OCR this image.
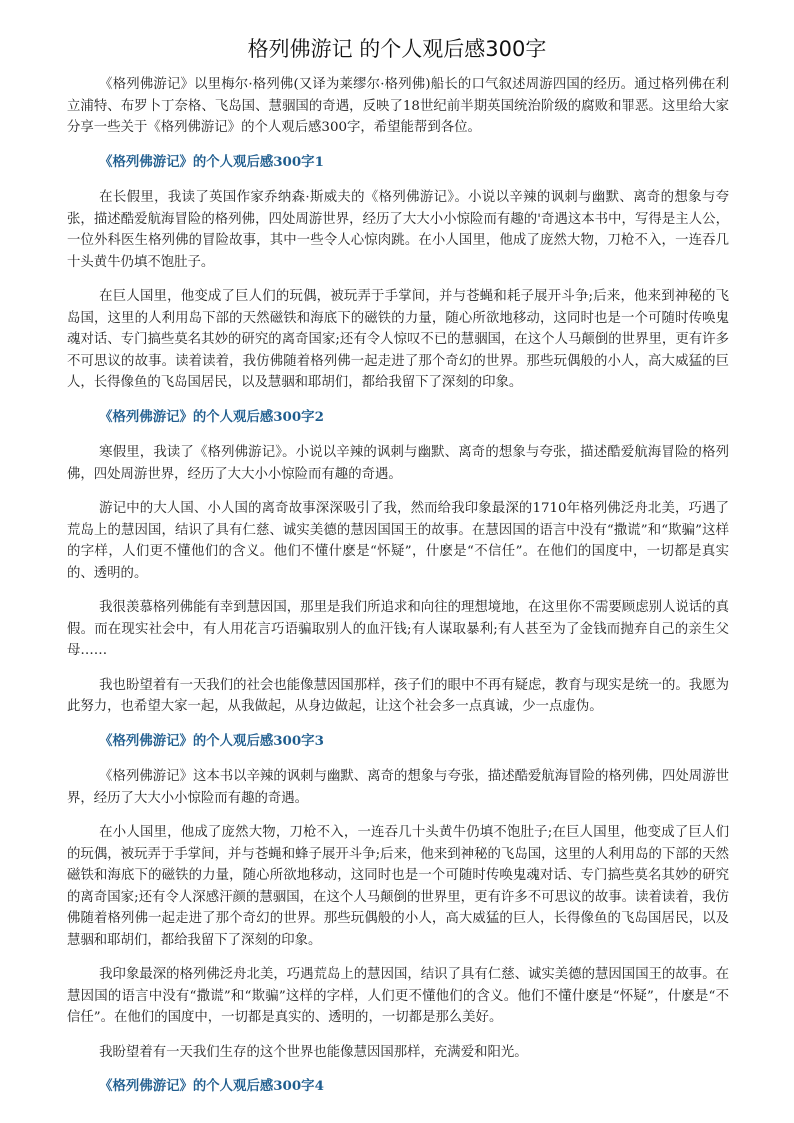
格列佛游记 的个人观后感300字

《格列佛游记》以里梅尔·格列佛(又译为莱缪尔·格列佛)船长的口气叙述周游四国的经历。通过格列佛在利立浦特、布罗卜丁奈格、飞岛国、慧骃国的奇遇，反映了18世纪前半期英国统治阶级的腐败和罪恶。这里给大家分享一些关于《格列佛游记》的个人观后感300字，希望能帮到各位。

《格列佛游记》的个人观后感300字1

在长假里，我读了英国作家乔纳森·斯威夫的《格列佛游记》。小说以辛辣的讽刺与幽默、离奇的想象与夸张，描述酷爱航海冒险的格列佛，四处周游世界，经历了大大小小惊险而有趣的'奇遇这本书中，写得是主人公，一位外科医生格列佛的冒险故事，其中一些令人心惊肉跳。在小人国里，他成了庞然大物，刀枪不入，一连吞几十头黄牛仍填不饱肚子。

在巨人国里，他变成了巨人们的玩偶，被玩弄于手掌间，并与苍蝇和耗子展开斗争;后来，他来到神秘的飞岛国，这里的人利用岛下部的天然磁铁和海底下的磁铁的力量，随心所欲地移动，这同时也是一个可随时传唤鬼魂对话、专门搞些莫名其妙的研究的离奇国家;还有令人惊叹不已的慧骃国，在这个人马颠倒的世界里，更有许多不可思议的故事。读着读着，我仿佛随着格列佛一起走进了那个奇幻的世界。那些玩偶般的小人，高大威猛的巨人，长得像鱼的飞岛国居民，以及慧骃和耶胡们，都给我留下了深刻的印象。

《格列佛游记》的个人观后感300字2

寒假里，我读了《格列佛游记》。小说以辛辣的讽刺与幽默、离奇的想象与夸张，描述酷爱航海冒险的格列佛，四处周游世界，经历了大大小小惊险而有趣的奇遇。

游记中的大人国、小人国的离奇故事深深吸引了我，然而给我印象最深的1710年格列佛泛舟北美，巧遇了荒岛上的慧因国，结识了具有仁慈、诚实美德的慧因国国王的故事。在慧因国的语言中没有“撒谎”和“欺骗”这样的字样，人们更不懂他们的含义。他们不懂什麽是“怀疑”，什麽是“不信任”。在他们的国度中，一切都是真实的、透明的。

我很羡慕格列佛能有幸到慧因国，那里是我们所追求和向往的理想境地，在这里你不需要顾虑别人说话的真假。而在现实社会中，有人用花言巧语骗取别人的血汗钱;有人谋取暴利;有人甚至为了金钱而抛弃自己的亲生父母……

我也盼望着有一天我们的社会也能像慧因国那样，孩子们的眼中不再有疑虑，教育与现实是统一的。我愿为此努力，也希望大家一起，从我做起，从身边做起，让这个社会多一点真诚，少一点虚伪。

《格列佛游记》的个人观后感300字3

《格列佛游记》这本书以辛辣的讽刺与幽默、离奇的想象与夸张，描述酷爱航海冒险的格列佛，四处周游世界，经历了大大小小惊险而有趣的奇遇。

在小人国里，他成了庞然大物，刀枪不入，一连吞几十头黄牛仍填不饱肚子;在巨人国里，他变成了巨人们的玩偶，被玩弄于手掌间，并与苍蝇和蜂子展开斗争;后来，他来到神秘的飞岛国，这里的人利用岛的下部的天然磁铁和海底下的磁铁的力量，随心所欲地移动，这同时也是一个可随时传唤鬼魂对话、专门搞些莫名其妙的研究的离奇国家;还有令人深感汗颜的慧骃国，在这个人马颠倒的世界里，更有许多不可思议的故事。读着读着，我仿佛随着格列佛一起走进了那个奇幻的世界。那些玩偶般的小人，高大威猛的巨人，长得像鱼的飞岛国居民，以及慧骃和耶胡们，都给我留下了深刻的印象。

我印象最深的格列佛泛舟北美，巧遇荒岛上的慧因国，结识了具有仁慈、诚实美德的慧因国国王的故事。在慧因国的语言中没有“撒谎”和“欺骗”这样的字样，人们更不懂他们的含义。他们不懂什麽是“怀疑”，什麽是“不信任”。在他们的国度中，一切都是真实的、透明的，一切都是那么美好。

我盼望着有一天我们生存的这个世界也能像慧因国那样，充满爱和阳光。

《格列佛游记》的个人观后感300字4
